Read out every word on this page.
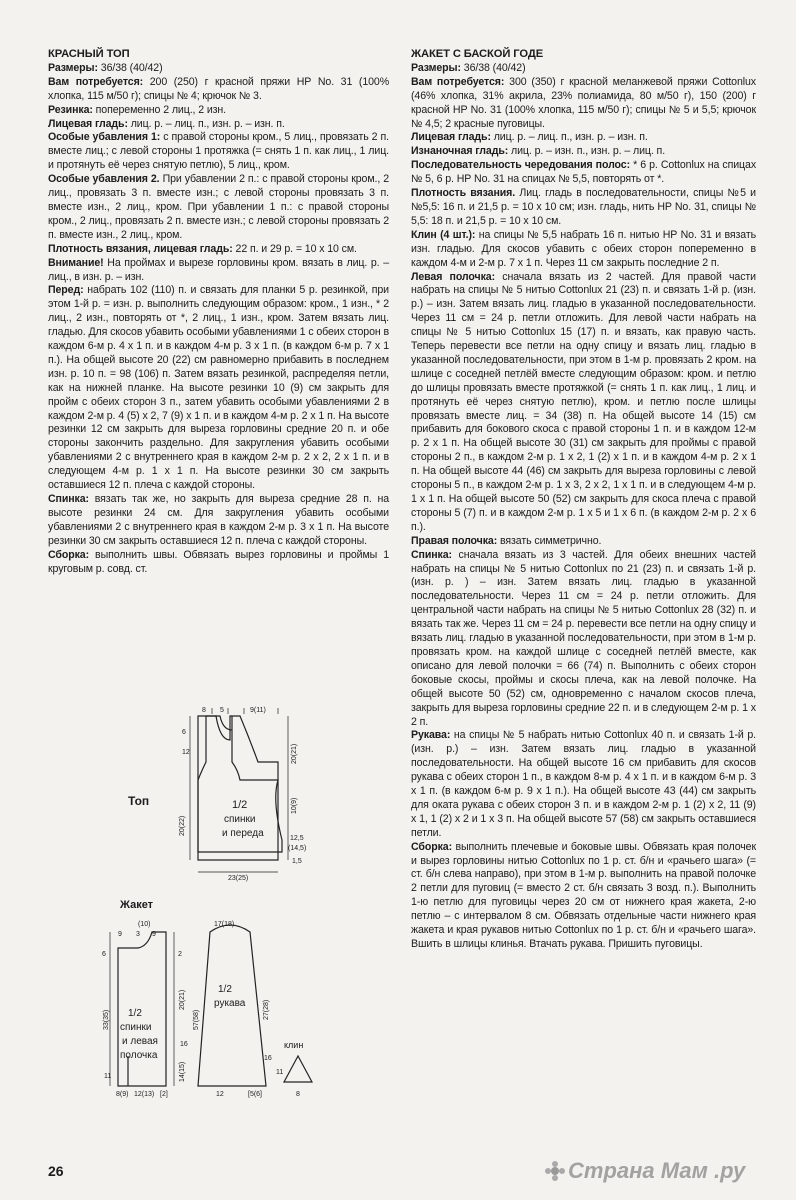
КРАСНЫЙ ТОП

Размеры: 36/38 (40/42)

Вам потребуется: 200 (250) г красной пряжи НР No. 31 (100% хлопка, 115 м/50 г); спицы № 4; крючок № 3.

Резинка: попеременно 2 лиц., 2 изн.

Лицевая гладь: лиц. р. – лиц. п., изн. р. – изн. п.

Особые убавления 1: с правой стороны крoм., 5 лиц., провязать 2 п. вместе лиц.; с левой стороны 1 протяжка (= снять 1 п. как лиц., 1 лиц. и протянуть её через снятую петлю), 5 лиц., кром.

Особые убавления 2. При убавлении 2 п.: с правой стороны кром., 2 лиц., провязать 3 п. вместе изн.; с левой стороны провязать 3 п. вместе изн., 2 лиц., кром. При убавлении 1 п.: с правой стороны кром., 2 лиц., провязать 2 п. вместе изн.; с левой стороны провязать 2 п. вместе изн., 2 лиц., кром.

Плотность вязания, лицевая гладь: 22 п. и 29 р. = 10 х 10 см.

Внимание! На проймах и вырезе горловины кром. вязать в лиц. р. – лиц., в изн. р. – изн.

Перед: набрать 102 (110) п. и связать для планки 5 р. резинкой, при этом 1-й р. = изн. р. выполнить следующим образом: кром., 1 изн., * 2 лиц., 2 изн., повторять от *, 2 лиц., 1 изн., кром. Затем вязать лиц. гладью. Для скосов убавить особыми убавлениями 1 с обеих сторон в каждом 6-м р. 4 х 1 п. и в каждом 4-м р. 3 х 1 п. (в каждом 6-м р. 7 х 1 п.). На общей высоте 20 (22) см равномерно прибавить в последнем изн. р. 10 п. = 98 (106) п. Затем вязать резинкой, распределяя петли, как на нижней планке. На высоте резинки 10 (9) см закрыть для пройм с обеих сторон 3 п., затем убавить особыми убавлениями 2 в каждом 2-м р. 4 (5) х 2, 7 (9) х 1 п. и в каждом 4-м р. 2 х 1 п. На высоте резинки 12 см закрыть для выреза горловины средние 20 п. и обе стороны закончить раздельно. Для закругления убавить особыми убавлениями 2 с внутреннего края в каждом 2-м р. 2 х 2, 2 х 1 п. и в следующем 4-м р. 1 х 1 п. На высоте резинки 30 см закрыть оставшиеся 12 п. плеча с каждой стороны.

Спинка: вязать так же, но закрыть для выреза средние 28 п. на высоте резинки 24 см. Для закругления убавить особыми убавлениями 2 с внутреннего края в каждом 2-м р. 3 х 1 п. На высоте резинки 30 см закрыть оставшиеся 12 п. плеча с каждой стороны.

Сборка: выполнить швы. Обвязать вырез горловины и проймы 1 круговым р. совд. ст.

ЖАКЕТ С БАСКОЙ ГОДЕ

Размеры: 36/38 (40/42)

Вам потребуется: 300 (350) г красной меланжевой пряжи Cottonlux (46% хлопка, 31% акрила, 23% полиамида, 80 м/50 г), 150 (200) г красной НР No. 31 (100% хлопка, 115 м/50 г); спицы № 5 и 5,5; крючок № 4,5; 2 красные пуговицы.

Лицевая гладь: лиц. р. – лиц. п., изн. р. – изн. п.

Изнаночная гладь: лиц. р. – изн. п., изн. р. – лиц. п.

Последовательность чередования полос: * 6 р. Cottonlux на спицах № 5, 6 р. НР No. 31 на спицах № 5,5, повторять от *.

Плотность вязания. Лиц. гладь в последовательности, спицы №5 и №5,5: 16 п. и 21,5 р. = 10 х 10 см; изн. гладь, нить НР No. 31, спицы № 5,5: 18 п. и 21,5 р. = 10 х 10 см.

Клин (4 шт.): на спицы № 5,5 набрать 16 п. нитью НР No. 31 и вязать изн. гладью. Для скосов убавить с обеих сторон попеременно в каждом 4-м и 2-м р. 7 х 1 п. Через 11 см закрыть последние 2 п.

Левая полочка: сначала вязать из 2 частей. Для правой части набрать на спицы № 5 нитью Cottonlux 21 (23) п. и связать 1-й р. (изн. р.) – изн. Затем вязать лиц. гладью в указанной последовательности. Через 11 см = 24 р. петли отложить. Для левой части набрать на спицы № 5 нитью Cottonlux 15 (17) п. и вязать, как правую часть. Теперь перевести все петли на одну спицу и вязать лиц. гладью в указанной последовательности, при этом в 1-м р. провязать 2 кром. на шлице с соседней петлёй вместе следующим образом: кром. и петлю до шлицы провязать вместе протяжкой (= снять 1 п. как лиц., 1 лиц. и протянуть её через снятую петлю), кром. и петлю после шлицы провязать вместе лиц. = 34 (38) п. На общей высоте 14 (15) см прибавить для бокового скоса с правой стороны 1 п. и в каждом 12-м р. 2 х 1 п. На общей высоте 30 (31) см закрыть для проймы с правой стороны 2 п., в каждом 2-м р. 1 х 2, 1 (2) х 1 п. и в каждом 4-м р. 2 х 1 п. На общей высоте 44 (46) см закрыть для выреза горловины с левой стороны 5 п., в каждом 2-м р. 1 х 3, 2 х 2, 1 х 1 п. и в следующем 4-м р. 1 х 1 п. На общей высоте 50 (52) см закрыть для скоса плеча с правой стороны 5 (7) п. и в каждом 2-м р. 1 х 5 и 1 х 6 п. (в каждом 2-м р. 2 х 6 п.).

Правая полочка: вязать симметрично.

Спинка: сначала вязать из 3 частей. Для обеих внешних частей набрать на спицы № 5 нитью Cottonlux по 21 (23) п. и связать 1-й р. (изн. р. ) – изн. Затем вязать лиц. гладью в указанной последовательности. Через 11 см = 24 р. петли отложить. Для центральной части набрать на спицы № 5 нитью Cottonlux 28 (32) п. и вязать так же. Через 11 см = 24 р. перевести все петли на одну спицу и вязать лиц. гладью в указанной последовательности, при этом в 1-м р. провязать кром. на каждой шлице с соседней петлёй вместе, как описано для левой полочки = 66 (74) п. Выполнить с обеих сторон боковые скосы, проймы и скосы плеча, как на левой полочке. На общей высоте 50 (52) см, одновременно с началом скосов плеча, закрыть для выреза горловины средние 22 п. и в следующем 2-м р. 1 х 2 п.

Рукава: на спицы № 5 набрать нитью Cottonlux 40 п. и связать 1-й р. (изн. р.) – изн. Затем вязать лиц. гладью в указанной последовательности. На общей высоте 16 см прибавить для скосов рукава с обеих сторон 1 п., в каждом 8-м р. 4 х 1 п. и в каждом 6-м р. 3 х 1 п. (в каждом 6-м р. 9 х 1 п.). На общей высоте 43 (44) см закрыть для оката рукава с обеих сторон 3 п. и в каждом 2-м р. 1 (2) х 2, 11 (9) х 1, 1 (2) х 2 и 1 х 3 п. На общей высоте 57 (58) см закрыть оставшиеся петли.

Сборка: выполнить плечевые и боковые швы. Обвязать края полочек и вырез горловины нитью Cottonlux по 1 р. ст. б/н и «рачьего шага» (= ст. б/н слева направо), при этом в 1-м р. выполнить на правой полочке 2 петли для пуговиц (= вместо 2 ст. б/н связать 3 возд. п.). Выполнить 1-ю петлю для пуговицы через 20 см от нижнего края жакета, 2-ю петлю – с интервалом 8 см. Обвязать отдельные части нижнего края жакета и края рукавов нитью Cottonlux по 1 р. ст. б/н и «рачьего шага». Вшить в шлицы клинья. Втачать рукава. Пришить пуговицы.

Топ
8 5	9(11)
6
12
20(22)
20(21)
10(9)
12,5
(14,5)
1,5
23(25)
1/2
спинки
и переда
Жакет
(10)
9 3 9
2
6
33(35)
20(21)
16
14(15)
11
8(9) 12(13) [2]
1/2
спинки
и левая
полочка
17(18)
1/2
рукава
57(58)	27(28)
16
12	[5(6]
клин
11
8
26	Страна Мам .ру
